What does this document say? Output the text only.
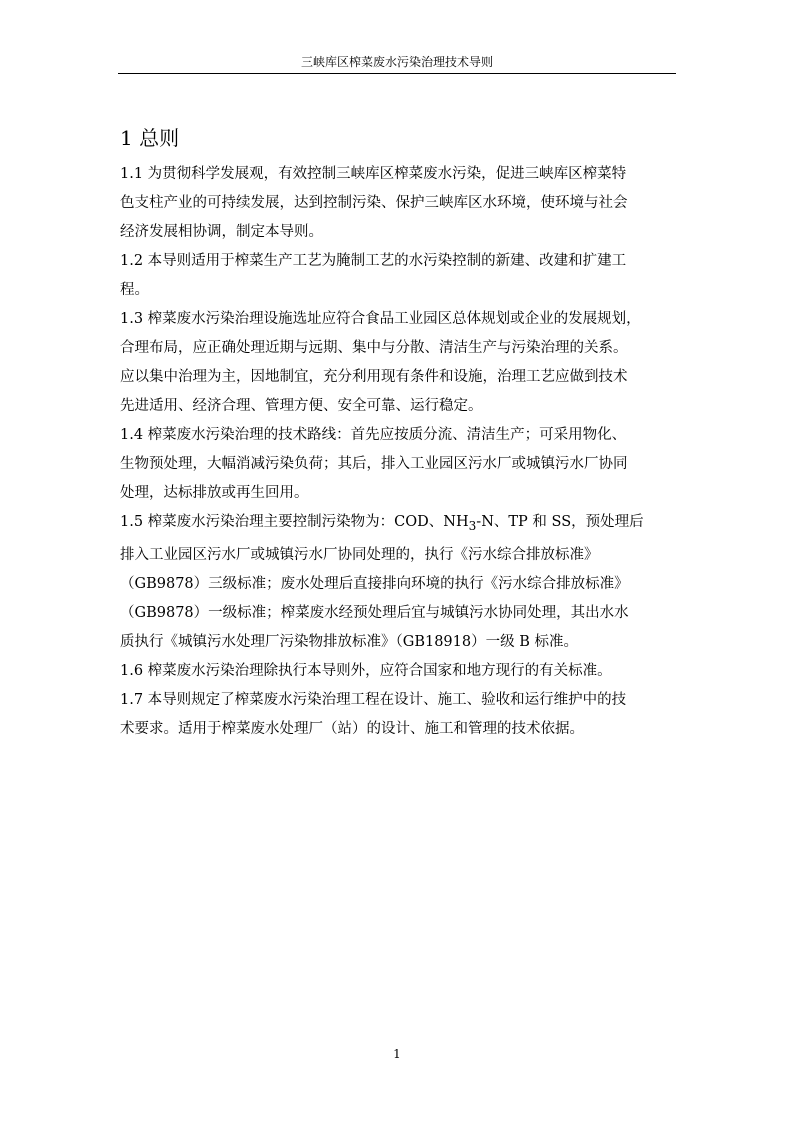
三峡库区榨菜废水污染治理技术导则
1 总则
1.1 为贯彻科学发展观，有效控制三峡库区榨菜废水污染，促进三峡库区榨菜特
色支柱产业的可持续发展，达到控制污染、保护三峡库区水环境，使环境与社会
经济发展相协调，制定本导则。
1.2 本导则适用于榨菜生产工艺为腌制工艺的水污染控制的新建、改建和扩建工
程。
1.3 榨菜废水污染治理设施选址应符合食品工业园区总体规划或企业的发展规划，
合理布局，应正确处理近期与远期、集中与分散、清洁生产与污染治理的关系。
应以集中治理为主，因地制宜，充分利用现有条件和设施，治理工艺应做到技术
先进适用、经济合理、管理方便、安全可靠、运行稳定。
1.4 榨菜废水污染治理的技术路线：首先应按质分流、清洁生产；可采用物化、
生物预处理，大幅消减污染负荷；其后，排入工业园区污水厂或城镇污水厂协同
处理，达标排放或再生回用。
1.5 榨菜废水污染治理主要控制污染物为：COD、$NH_3-N$、TP 和 SS，预处理后
排入工业园区污水厂或城镇污水厂协同处理的，执行《污水综合排放标准》
（GB9878）三级标准；废水处理后直接排向环境的执行《污水综合排放标准》
（GB9878）一级标准；榨菜废水经预处理后宜与城镇污水协同处理，其出水水
质执行《城镇污水处理厂污染物排放标准》（GB18918）一级 B 标准。
1.6 榨菜废水污染治理除执行本导则外，应符合国家和地方现行的有关标准。
1.7 本导则规定了榨菜废水污染治理工程在设计、施工、验收和运行维护中的技
术要求。适用于榨菜废水处理厂（站）的设计、施工和管理的技术依据。
1
